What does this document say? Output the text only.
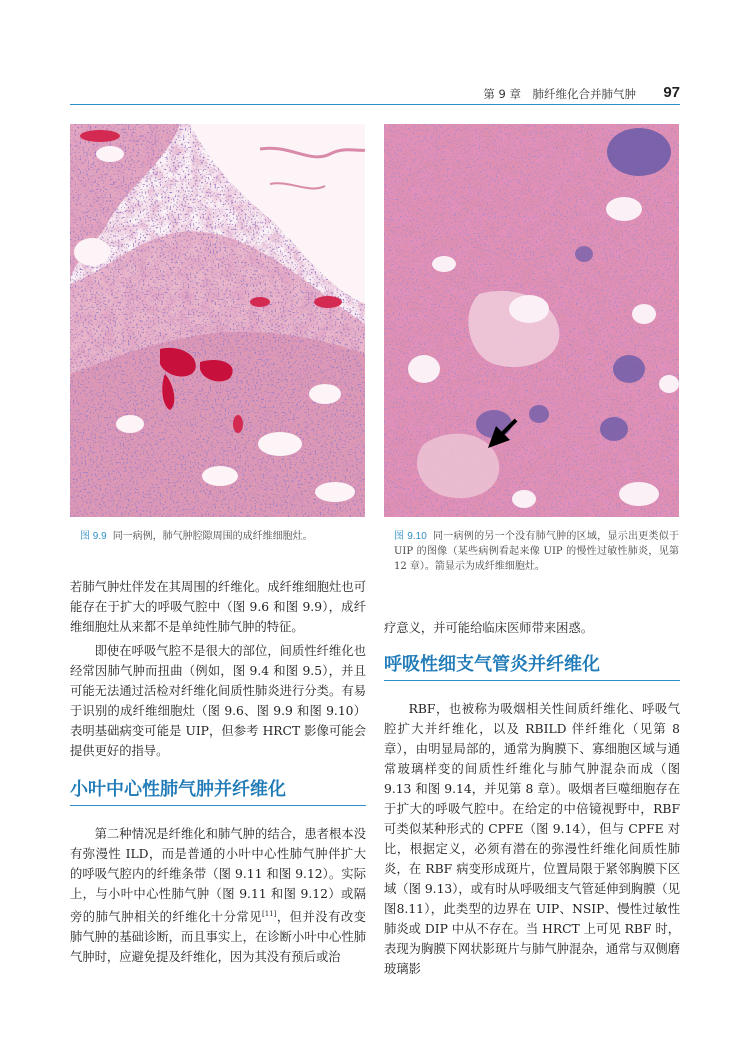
第 9 章　肺纤维化合并肺气肿 97
图 9.9 同一病例，肺气肿腔隙周围的成纤维细胞灶。	图 9.10 同一病例的另一个没有肺气肿的区域，显示出更类似于 UIP 的图像（某些病例看起来像 UIP 的慢性过敏性肺炎，见第 12 章）。箭显示为成纤维细胞灶。

若肺气肿灶伴发在其周围的纤维化。成纤维细胞灶也可能存在于扩大的呼吸气腔中（图 9.6 和图 9.9），成纤维细胞灶从来都不是单纯性肺气肿的特征。

即使在呼吸气腔不是很大的部位，间质性纤维化也经常因肺气肿而扭曲（例如，图 9.4 和图 9.5），并且可能无法通过活检对纤维化间质性肺炎进行分类。有易于识别的成纤维细胞灶（图 9.6、图 9.9 和图 9.10）表明基础病变可能是 UIP，但参考 HRCT 影像可能会提供更好的指导。

小叶中心性肺气肿并纤维化

第二种情况是纤维化和肺气肿的结合，患者根本没有弥漫性 ILD，而是普通的小叶中心性肺气肿伴扩大的呼吸气腔内的纤维条带（图 9.11 和图 9.12）。实际上，与小叶中心性肺气肿（图 9.11 和图 9.12）或隔旁的肺气肿相关的纤维化十分常见[11]，但并没有改变肺气肿的基础诊断，而且事实上，在诊断小叶中心性肺气肿时，应避免提及纤维化，因为其没有预后或治

疗意义，并可能给临床医师带来困惑。

呼吸性细支气管炎并纤维化

RBF，也被称为吸烟相关性间质纤维化、呼吸气腔扩大并纤维化，以及 RBILD 伴纤维化（见第 8 章），由明显局部的，通常为胸膜下、寡细胞区域与通常玻璃样变的间质性纤维化与肺气肿混杂而成（图 9.13 和图 9.14，并见第 8 章）。吸烟者巨噬细胞存在于扩大的呼吸气腔中。在给定的中倍镜视野中，RBF 可类似某种形式的 CPFE（图 9.14），但与 CPFE 对比，根据定义，必须有潜在的弥漫性纤维化间质性肺炎，在 RBF 病变形成斑片，位置局限于紧邻胸膜下区域（图 9.13），或有时从呼吸细支气管延伸到胸膜（见图8.11），此类型的边界在 UIP、NSIP、慢性过敏性肺炎或 DIP 中从不存在。当 HRCT 上可见 RBF 时，表现为胸膜下网状影斑片与肺气肿混杂，通常与双侧磨玻璃影
